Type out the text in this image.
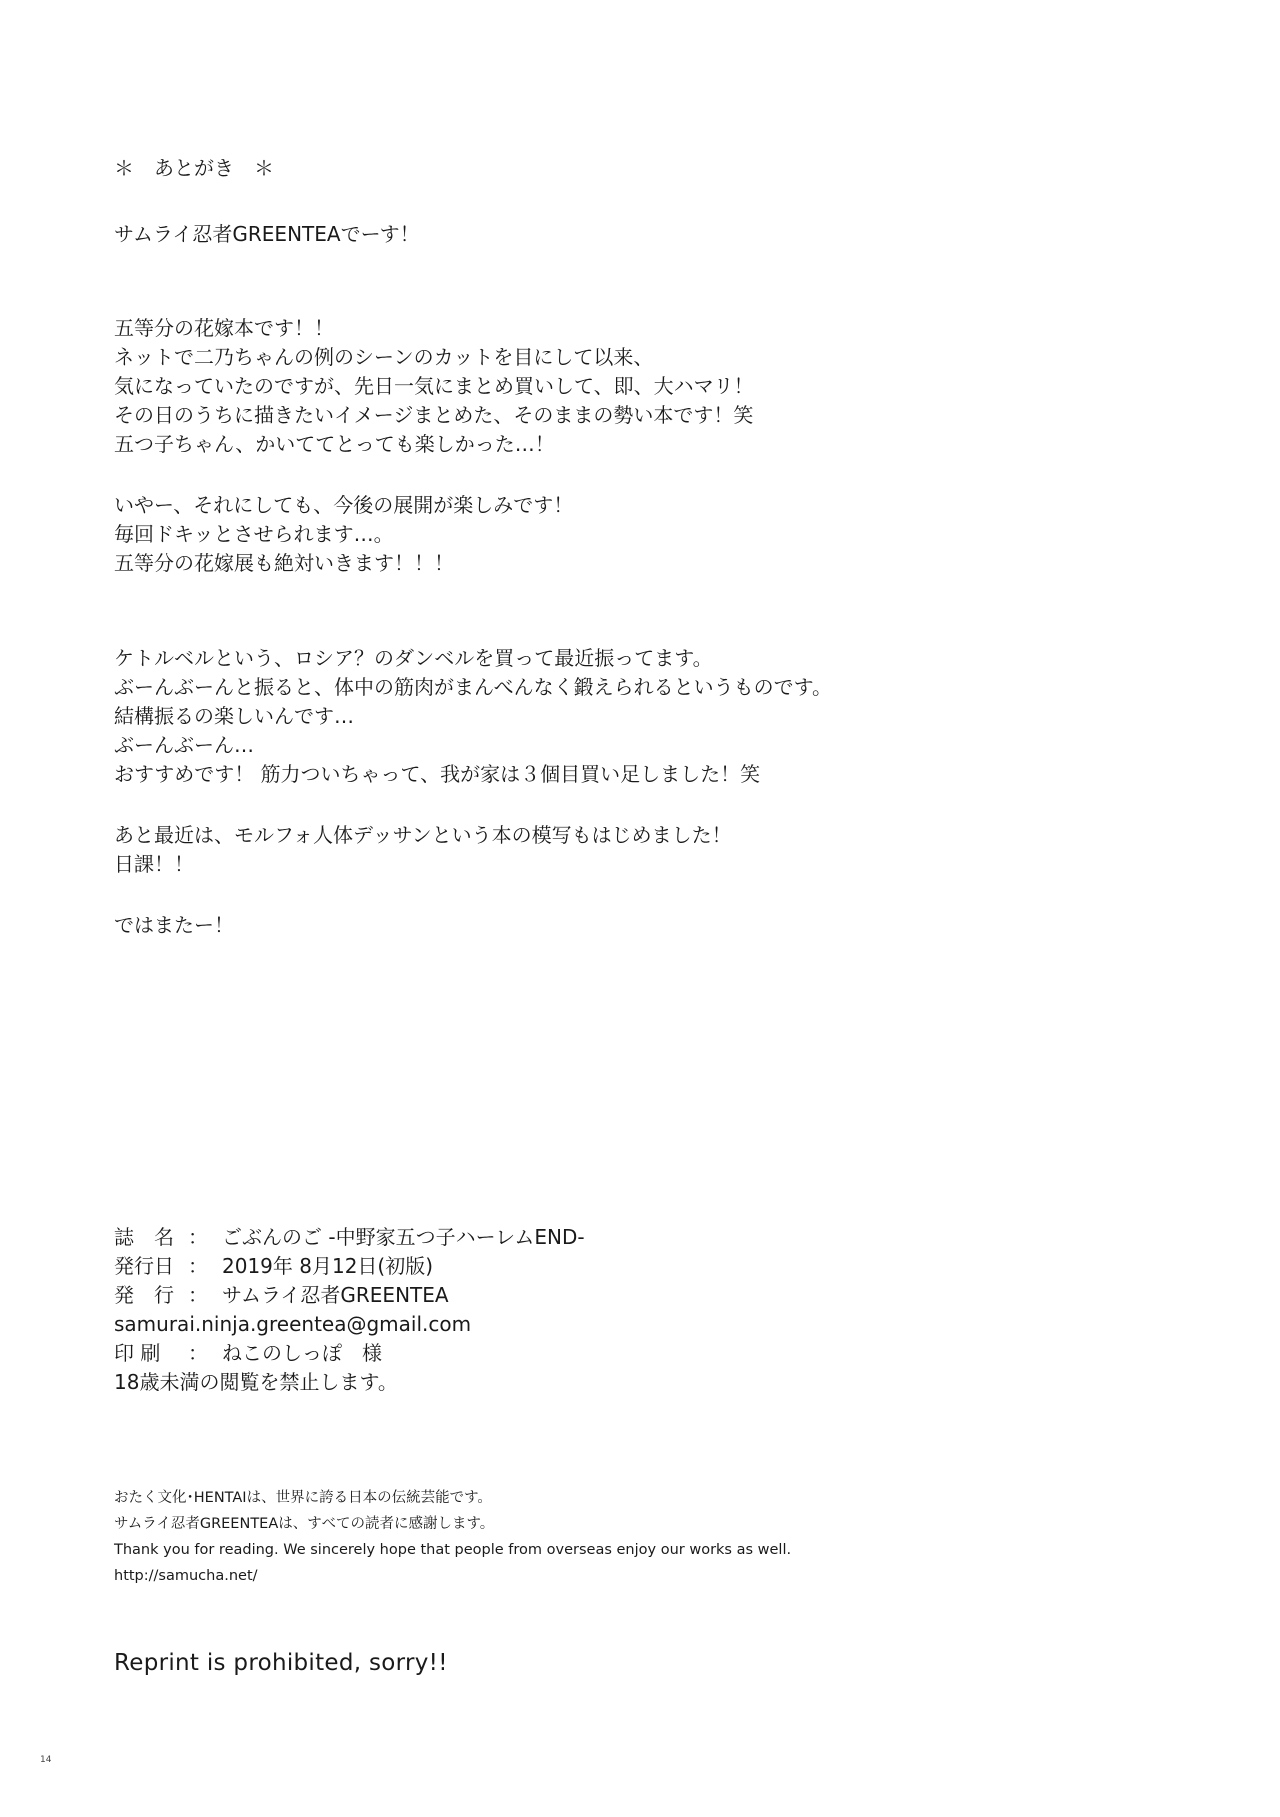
＊　あとがき　＊
サムライ忍者GREENTEAでーす！
五等分の花嫁本です！！
ネットで二乃ちゃんの例のシーンのカットを目にして以来、
気になっていたのですが、先日一気にまとめ買いして、即、大ハマリ！
その日のうちに描きたいイメージまとめた、そのままの勢い本です！笑
五つ子ちゃん、かいててとっても楽しかった…！
いやー、それにしても、今後の展開が楽しみです！
毎回ドキッとさせられます…。
五等分の花嫁展も絶対いきます！！！
ケトルベルという、ロシア？のダンベルを買って最近振ってます。
ぶーんぶーんと振ると、体中の筋肉がまんべんなく鍛えられるというものです。
結構振るの楽しいんです…
ぶーんぶーん…
おすすめです！ 筋力ついちゃって、我が家は３個目買い足しました！笑
あと最近は、モルフォ人体デッサンという本の模写もはじめました！
日課！！
ではまたー！
誌　名 ： ごぶんのご -中野家五つ子ハーレムEND-
発行日 ： 2019年 8月12日(初版)
発　行 ： サムライ忍者GREENTEA
samurai.ninja.greentea@gmail.com
印 刷	： ねこのしっぽ　様
18歳未満の閲覧を禁止します。
おたく文化･HENTAIは、世界に誇る日本の伝統芸能です。
サムライ忍者GREENTEAは、すべての読者に感謝します。
Thank you for reading. We sincerely hope that people from overseas enjoy our works as well.
http://samucha.net/
Reprint is prohibited, sorry!!
14
